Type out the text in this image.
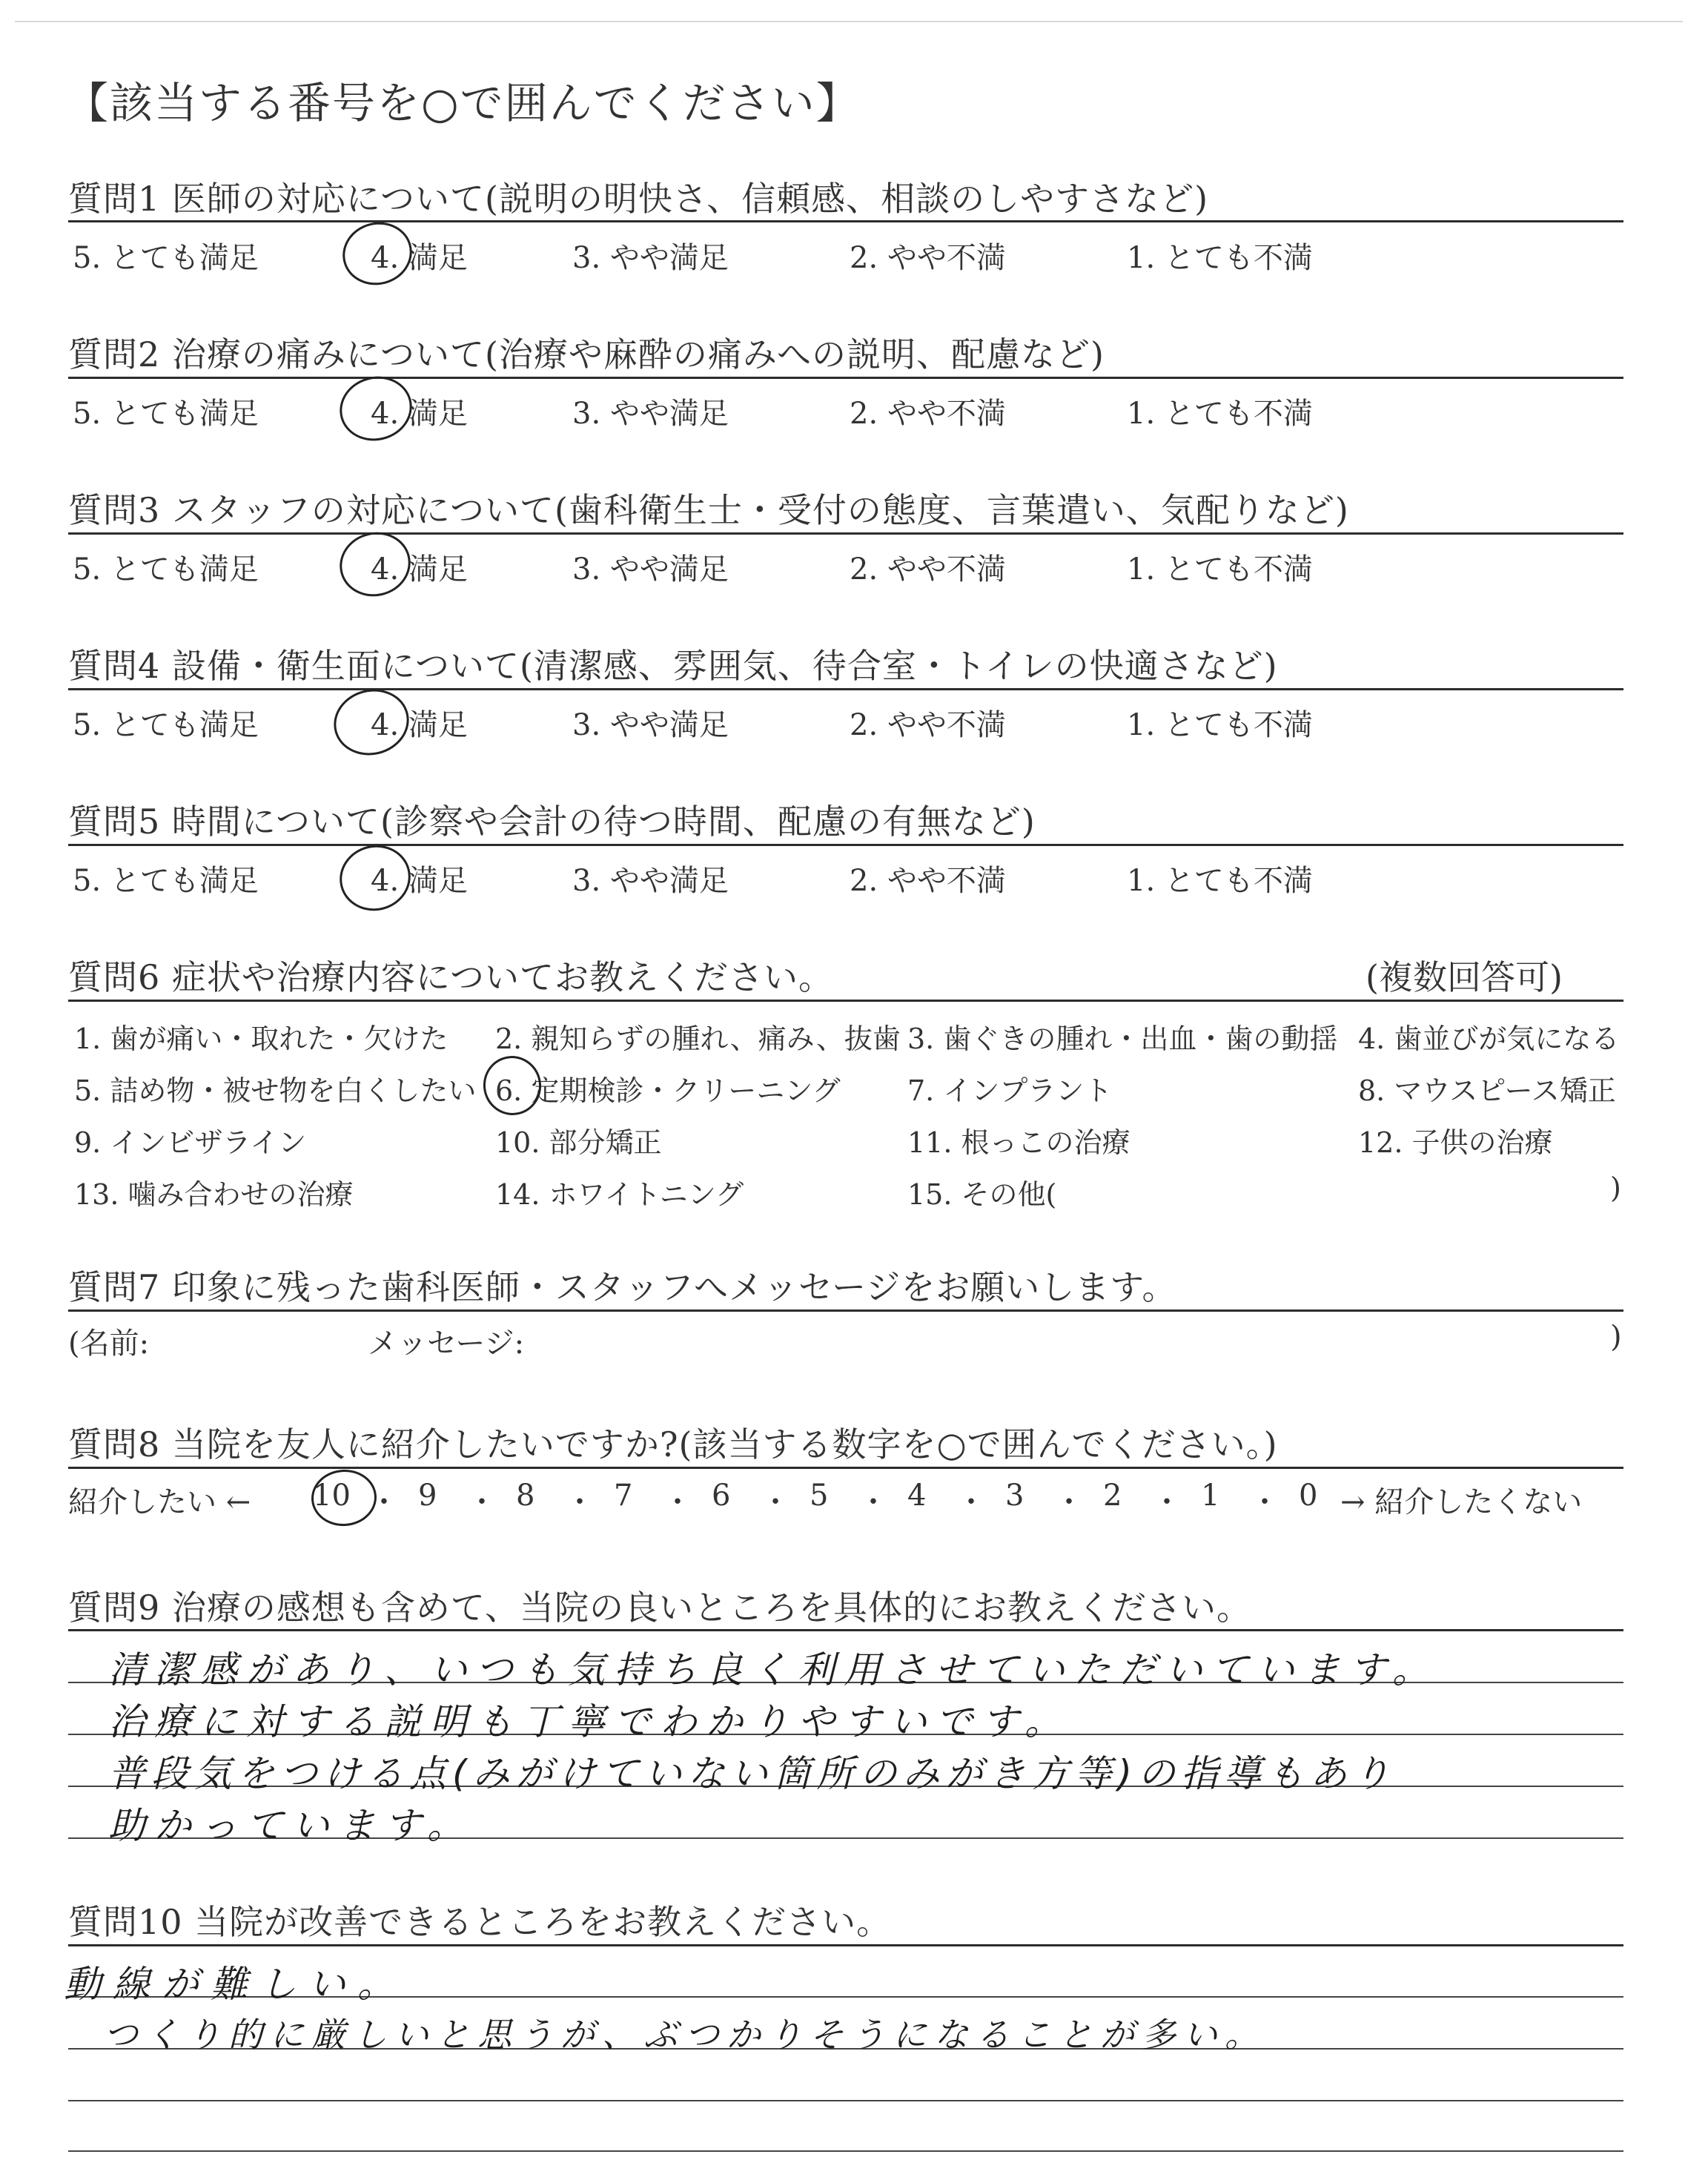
【該当する番号を○で囲んでください】
質問1 医師の対応について(説明の明快さ、信頼感、相談のしやすさなど)
5. とても満足	4. 満足	3. やや満足	2. やや不満	1. とても不満
質問2 治療の痛みについて(治療や麻酔の痛みへの説明、配慮など)
5. とても満足	4. 満足	3. やや満足	2. やや不満	1. とても不満
質問3 スタッフの対応について(歯科衛生士・受付の態度、言葉遣い、気配りなど)
5. とても満足	4. 満足	3. やや満足	2. やや不満	1. とても不満
質問4 設備・衛生面について(清潔感、雰囲気、待合室・トイレの快適さなど)
5. とても満足	4. 満足	3. やや満足	2. やや不満	1. とても不満
質問5 時間について(診察や会計の待つ時間、配慮の有無など)
5. とても満足	4. 満足	3. やや満足	2. やや不満	1. とても不満
質問6 症状や治療内容についてお教えください。	(複数回答可)
1. 歯が痛い・取れた・欠けた 2. 親知らずの腫れ、痛み、抜歯 3. 歯ぐきの腫れ・出血・歯の動揺 4. 歯並びが気になる
5. 詰め物・被せ物を白くしたい 6. 定期検診・クリーニング 7. インプラント	8. マウスピース矯正
9. インビザライン	10. 部分矯正	11. 根っこの治療	12. 子供の治療
13. 噛み合わせの治療	14. ホワイトニング	15. その他(	)
質問7 印象に残った歯科医師・スタッフへメッセージをお願いします。
(名前:	メッセージ:	)
質問8 当院を友人に紹介したいですか?(該当する数字を○で囲んでください。)
紹介したい ←	→ 紹介したくない
10 ・ 9 ・ 8 ・ 7 ・ 6 ・ 5 ・ 4 ・ 3 ・ 2 ・ 1 ・ 0
質問9 治療の感想も含めて、当院の良いところを具体的にお教えください。
清潔感があり、いつも気持ち良く利用させていただいています。
治療に対する説明も丁寧でわかりやすいです。
普段気をつける点(みがけていない箇所のみがき方等)の指導もあり
助かっています。
質問10 当院が改善できるところをお教えください。
動線が難しい。
つくり的に厳しいと思うが、ぶつかりそうになることが多い。
